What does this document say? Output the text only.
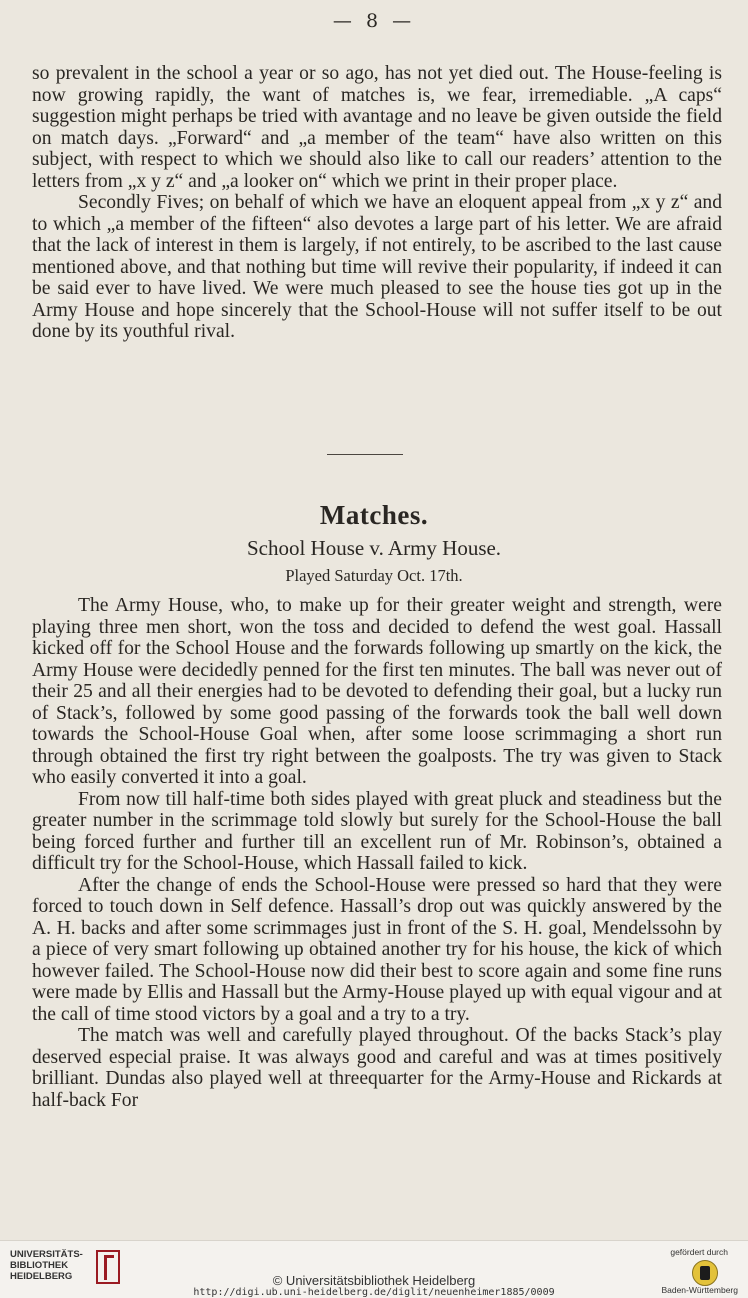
— 8 —

so prevalent in the school a year or so ago, has not yet died out. The House-feeling is now growing rapidly, the want of matches is, we fear, irremediable. „A caps“ suggestion might perhaps be tried with avantage and no leave be given outside the field on match days. „Forward“ and „a member of the team“ have also written on this subject, with respect to which we should also like to call our readers’ attention to the letters from „x y z“ and „a looker on“ which we print in their proper place.

Secondly Fives; on behalf of which we have an eloquent appeal from „x y z“ and to which „a member of the fifteen“ also devotes a large part of his letter. We are afraid that the lack of interest in them is largely, if not entirely, to be ascribed to the last cause mentioned above, and that nothing but time will revive their popularity, if indeed it can be said ever to have lived. We were much pleased to see the house ties got up in the Army House and hope sincerely that the School-House will not suffer itself to be out done by its youthful rival.

Matches.
School House v. Army House.
Played Saturday Oct. 17th.

The Army House, who, to make up for their greater weight and strength, were playing three men short, won the toss and decided to defend the west goal. Hassall kicked off for the School House and the forwards following up smartly on the kick, the Army House were decidedly penned for the first ten minutes. The ball was never out of their 25 and all their energies had to be devoted to defending their goal, but a lucky run of Stack’s, followed by some good passing of the forwards took the ball well down towards the School-House Goal when, after some loose scrimmaging a short run through obtained the first try right between the goalposts. The try was given to Stack who easily converted it into a goal.

From now till half-time both sides played with great pluck and steadiness but the greater number in the scrimmage told slowly but surely for the School-House the ball being forced further and further till an excellent run of Mr. Robinson’s, obtained a difficult try for the School-House, which Hassall failed to kick.

After the change of ends the School-House were pressed so hard that they were forced to touch down in Self defence. Hassall’s drop out was quickly answered by the A. H. backs and after some scrimmages just in front of the S. H. goal, Mendelssohn by a piece of very smart following up obtained another try for his house, the kick of which however failed. The School-House now did their best to score again and some fine runs were made by Ellis and Hassall but the Army-House played up with equal vigour and at the call of time stood victors by a goal and a try to a try.

The match was well and carefully played throughout. Of the backs Stack’s play deserved especial praise. It was always good and careful and was at times positively brilliant. Dundas also played well at threequarter for the Army-House and Rickards at half-back For

UNIVERSITÄTS-
BIBLIOTHEK
HEIDELBERG	© Universitätsbibliothek Heidelberg
http://digi.ub.uni-heidelberg.de/diglit/neuenheimer1885/0009
gefördert durch
Baden-Württemberg
